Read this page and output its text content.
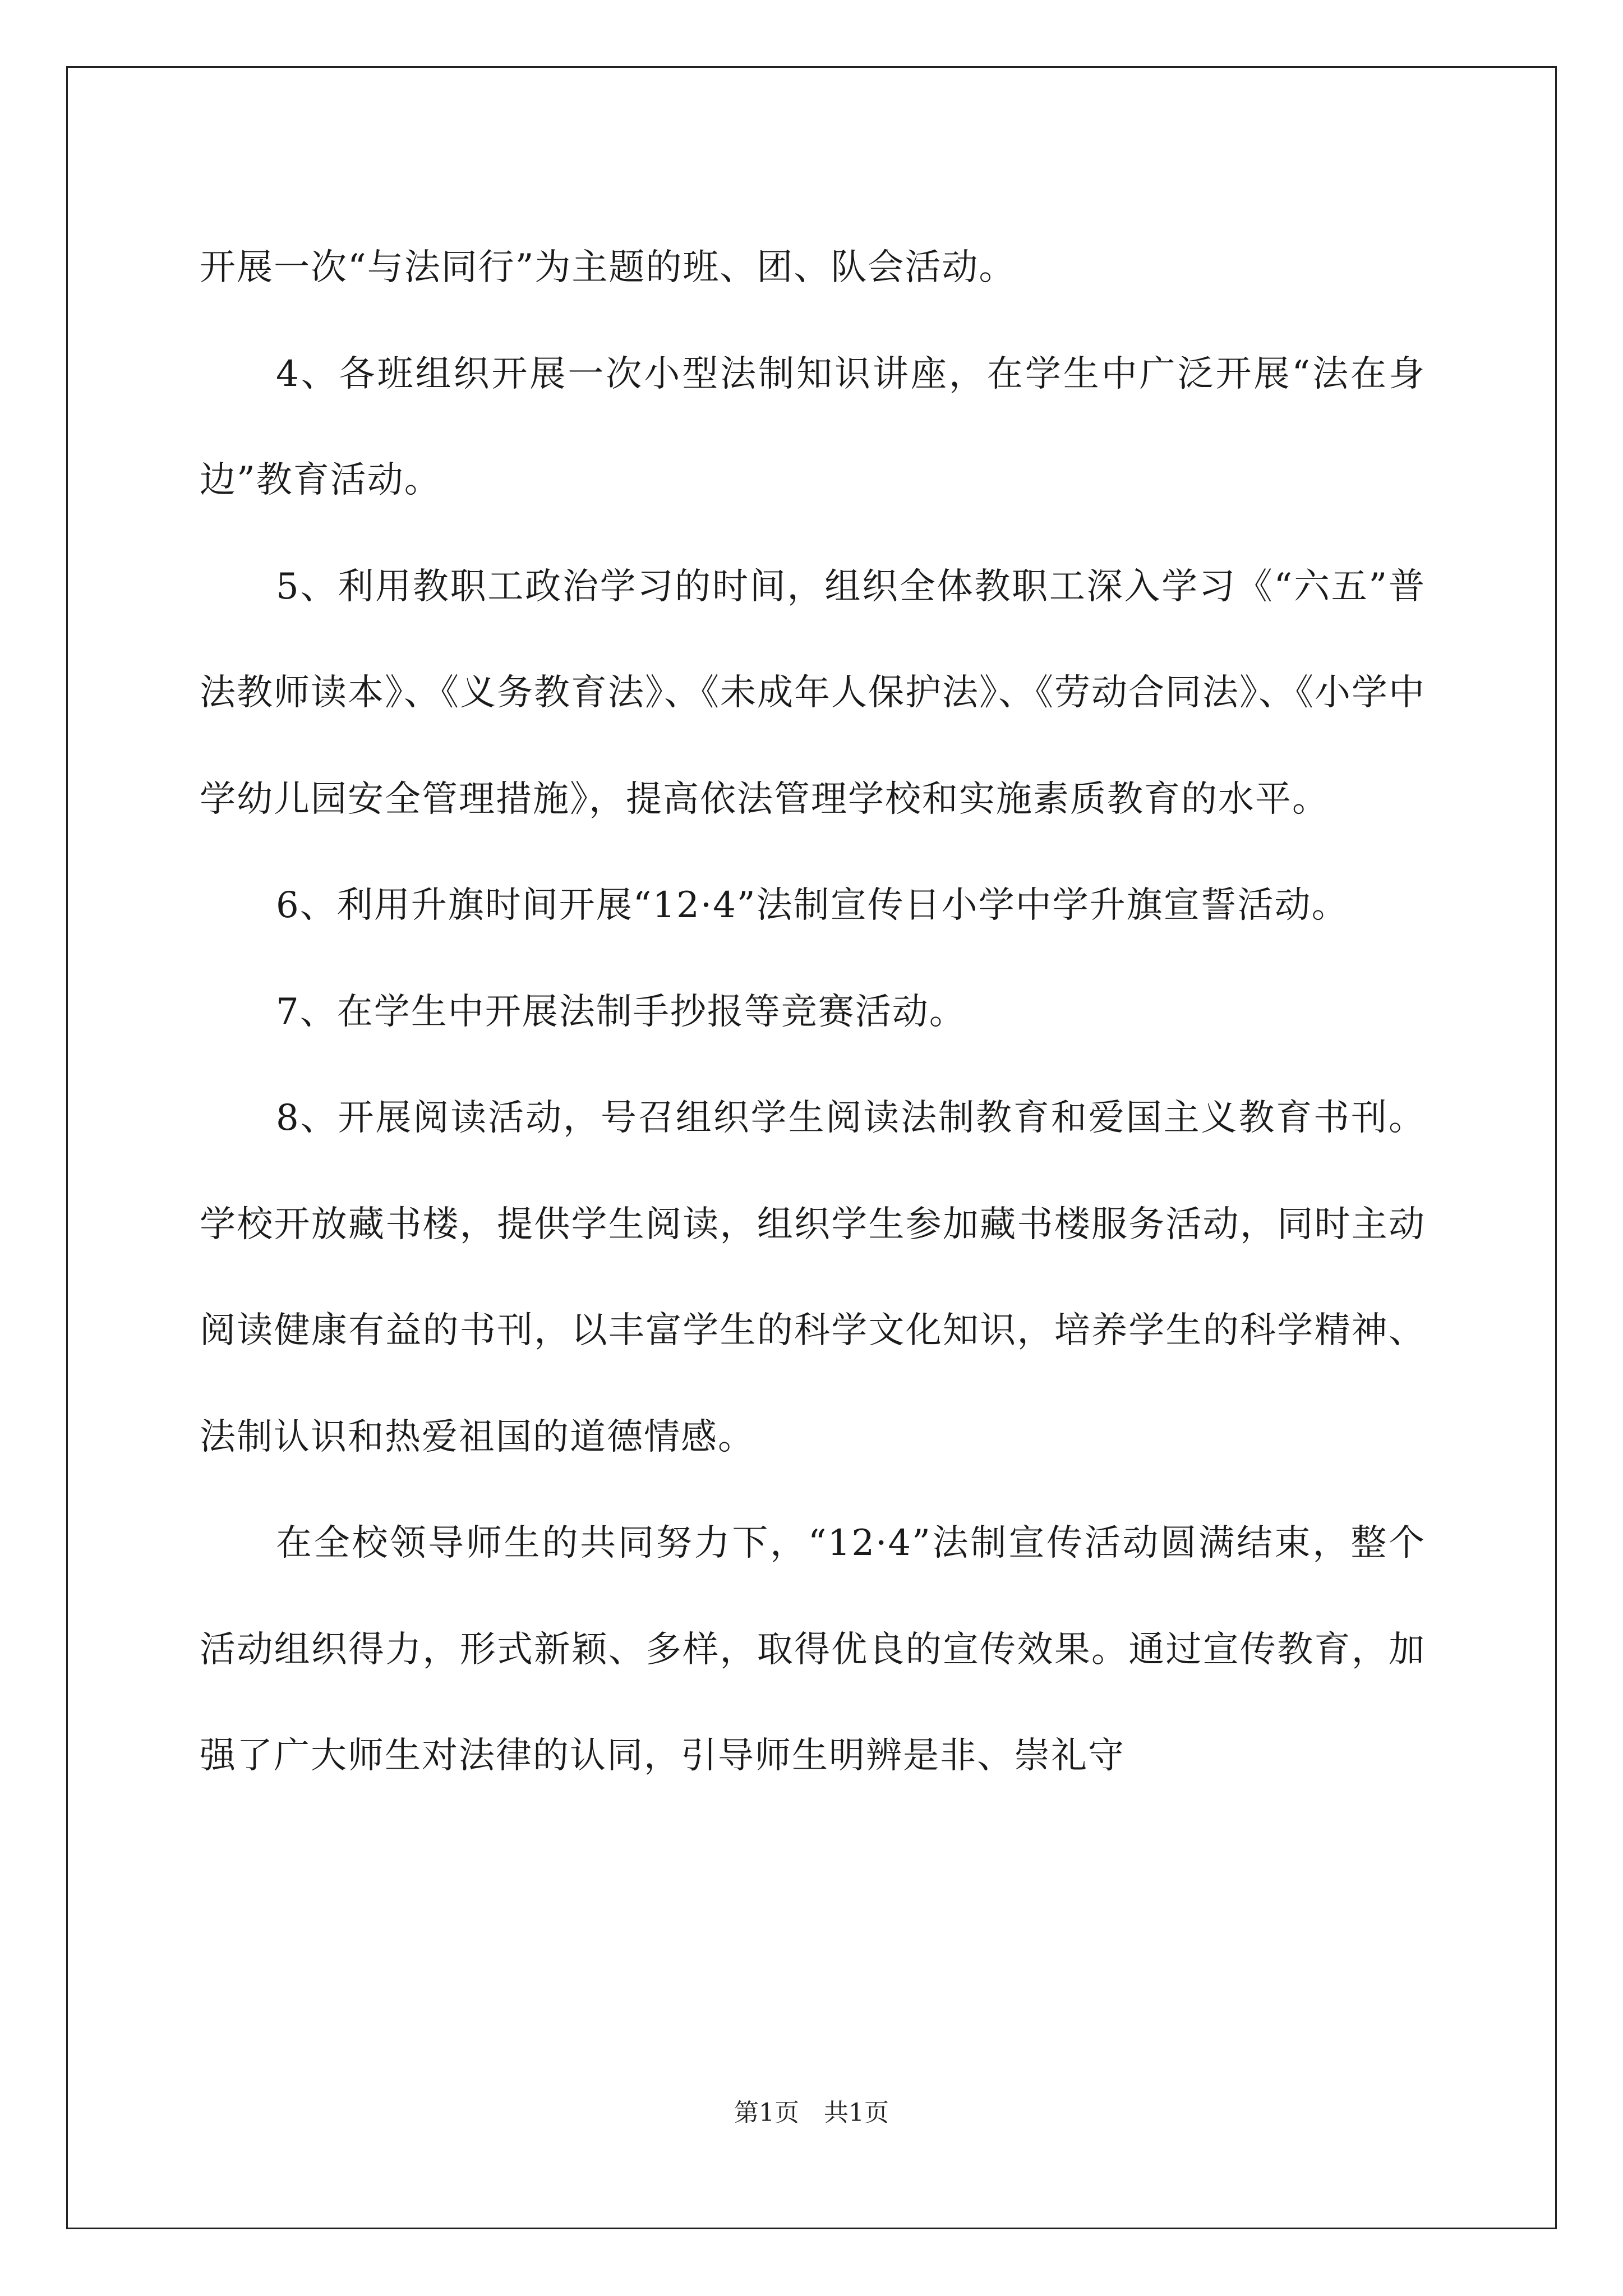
开展一次“与法同行”为主题的班、团、队会活动。

4、各班组织开展一次小型法制知识讲座，在学生中广泛开展“法在身边”教育活动。

5、利用教职工政治学习的时间，组织全体教职工深入学习《“六五”普法教师读本》、《义务教育法》、《未成年人保护法》、《劳动合同法》、《小学中学幼儿园安全管理措施》，提高依法管理学校和实施素质教育的水平。

6、利用升旗时间开展“12·4”法制宣传日小学中学升旗宣誓活动。

7、在学生中开展法制手抄报等竞赛活动。

8、开展阅读活动，号召组织学生阅读法制教育和爱国主义教育书刊。学校开放藏书楼，提供学生阅读，组织学生参加藏书楼服务活动，同时主动阅读健康有益的书刊，以丰富学生的科学文化知识，培养学生的科学精神、法制认识和热爱祖国的道德情感。

在全校领导师生的共同努力下，“12·4”法制宣传活动圆满结束，整个活动组织得力，形式新颖、多样，取得优良的宣传效果。通过宣传教育，加强了广大师生对法律的认同，引导师生明辨是非、崇礼守

第1页　共1页
